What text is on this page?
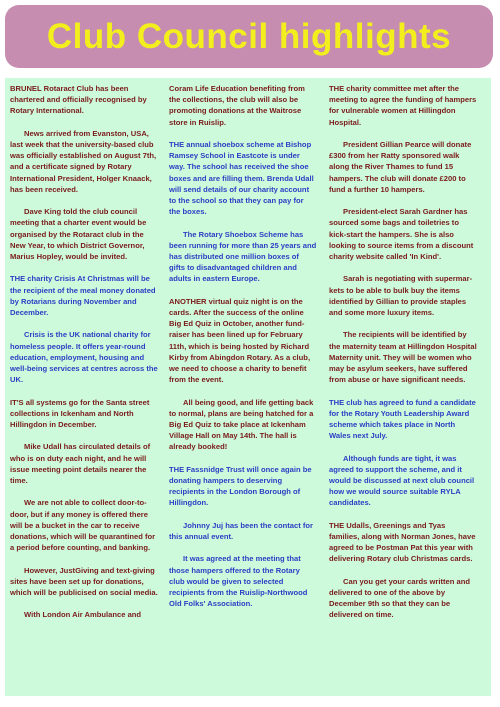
Club Council highlights

BRUNEL Rotaract Club has been chartered and officially recognised by Rotary International.

News arrived from Evanston, USA, last week that the university-based club was officially established on August 7th, and a certificate signed by Rotary International President, Holger Knaack, has been received.

Dave King told the club council meeting that a charter event would be organised by the Rotaract club in the New Year, to which District Governor, Marius Hopley, would be invited.

THE charity Crisis At Christmas will be the recipient of the meal money donated by Rotarians during November and December.

Crisis is the UK national charity for homeless people. It offers year-round education, employment, housing and well-being services at centres across the UK.

IT'S all systems go for the Santa street collections in Ickenham and North Hillingdon in December.

Mike Udall has circulated details of who is on duty each night, and he will issue meeting point details nearer the time.

We are not able to collect door-to-door, but if any money is offered there will be a bucket in the car to receive donations, which will be quarantined for a period before counting, and banking.

However, JustGiving and text-giving sites have been set up for donations, which will be publicised on social media.

With London Air Ambulance and

Coram Life Education benefiting from the collections, the club will also be promoting donations at the Waitrose store in Ruislip.

THE annual shoebox scheme at Bishop Ramsey School in Eastcote is under way. The school has received the shoe boxes and are filling them. Brenda Udall will send details of our charity account to the school so that they can pay for the boxes.

The Rotary Shoebox Scheme has been running for more than 25 years and has distributed one million boxes of gifts to disadvantaged children and adults in eastern Europe.

ANOTHER virtual quiz night is on the cards. After the success of the online Big Ed Quiz in October, another fund-raiser has been lined up for February 11th, which is being hosted by Richard Kirby from Abingdon Rotary. As a club, we need to choose a charity to benefit from the event.

All being good, and life getting back to normal, plans are being hatched for a Big Ed Quiz to take place at Ickenham Village Hall on May 14th. The hall is already booked!

THE Fassnidge Trust will once again be donating hampers to deserving recipients in the London Borough of Hillingdon.

Johnny Juj has been the contact for this annual event.

It was agreed at the meeting that those hampers offered to the Rotary club would be given to selected recipients from the Ruislip-Northwood Old Folks' Association.

THE charity committee met after the meeting to agree the funding of hampers for vulnerable women at Hillingdon Hospital.

President Gillian Pearce will donate £300 from her Ratty sponsored walk along the River Thames to fund 15 hampers. The club will donate £200 to fund a further 10 hampers.

President-elect Sarah Gardner has sourced some bags and toiletries to kick-start the hampers. She is also looking to source items from a discount charity website called 'In Kind'.

Sarah is negotiating with supermar-kets to be able to bulk buy the items identified by Gillian to provide staples and some more luxury items.

The recipients will be identified by the maternity team at Hillingdon Hospital Maternity unit. They will be women who may be asylum seekers, have suffered from abuse or have significant needs.

THE club has agreed to fund a candidate for the Rotary Youth Leadership Award scheme which takes place in North Wales next July.

Although funds are tight, it was agreed to support the scheme, and it would be discussed at next club council how we would source suitable RYLA candidates.

THE Udalls, Greenings and Tyas families, along with Norman Jones, have agreed to be Postman Pat this year with delivering Rotary club Christmas cards.

Can you get your cards written and delivered to one of the above by December 9th so that they can be delivered on time.
